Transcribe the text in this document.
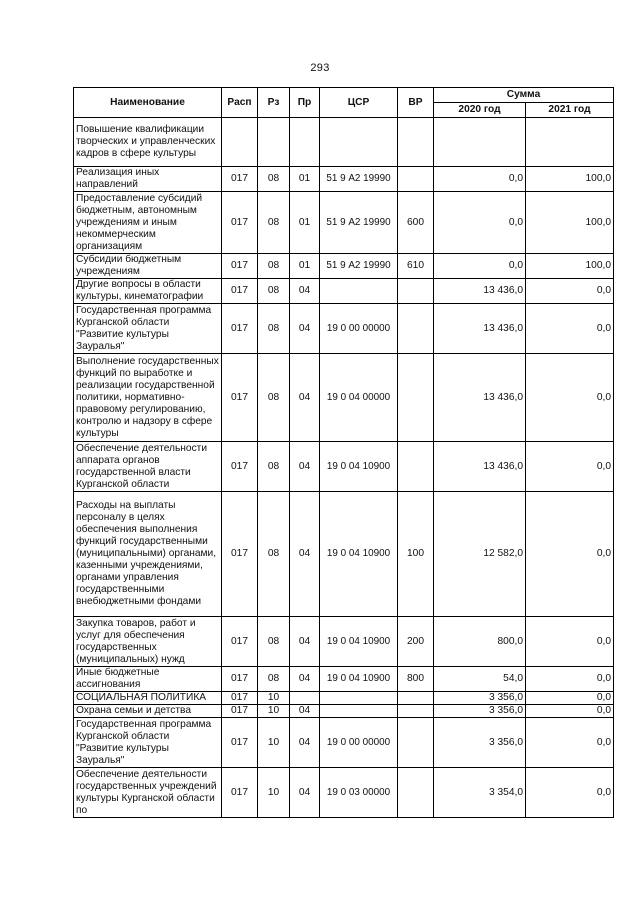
293
Наименование	Расп	Рз	Пр	ЦСР	ВР	Сумма	
						2020 год	2021 год
Повышение квалификации творческих и управленческих кадров в сфере культуры							
Реализация иных направлений	017	08	01	51 9 А2 19990		0,0	100,0
Предоставление субсидий бюджетным, автономным учреждениям и иным некоммерческим организациям	017	08	01	51 9 А2 19990	600	0,0	100,0
Субсидии бюджетным учреждениям	017	08	01	51 9 А2 19990	610	0,0	100,0
Другие вопросы в области культуры, кинематографии	017	08	04			13 436,0	0,0
Государственная программа Курганской области "Развитие культуры Зауралья"	017	08	04	19 0 00 00000		13 436,0	0,0
Выполнение государственных функций по выработке и реализации государственной политики, нормативно-правовому регулированию, контролю и надзору в сфере культуры	017	08	04	19 0 04 00000		13 436,0	0,0
Обеспечение деятельности аппарата органов государственной власти Курганской области	017	08	04	19 0 04 10900		13 436,0	0,0
Расходы на выплаты персоналу в целях обеспечения выполнения функций государственными (муниципальными) органами, казенными учреждениями, органами управления государственными внебюджетными фондами	017	08	04	19 0 04 10900	100	12 582,0	0,0
Закупка товаров, работ и услуг для обеспечения государственных (муниципальных) нужд	017	08	04	19 0 04 10900	200	800,0	0,0
Иные бюджетные ассигнования	017	08	04	19 0 04 10900	800	54,0	0,0
СОЦИАЛЬНАЯ ПОЛИТИКА	017	10				3 356,0	0,0
Охрана семьи и детства	017	10	04			3 356,0	0,0
Государственная программа Курганской области "Развитие культуры Зауралья"	017	10	04	19 0 00 00000		3 356,0	0,0
Обеспечение деятельности государственных учреждений культуры Курганской области по	017	10	04	19 0 03 00000		3 354,0	0,0
